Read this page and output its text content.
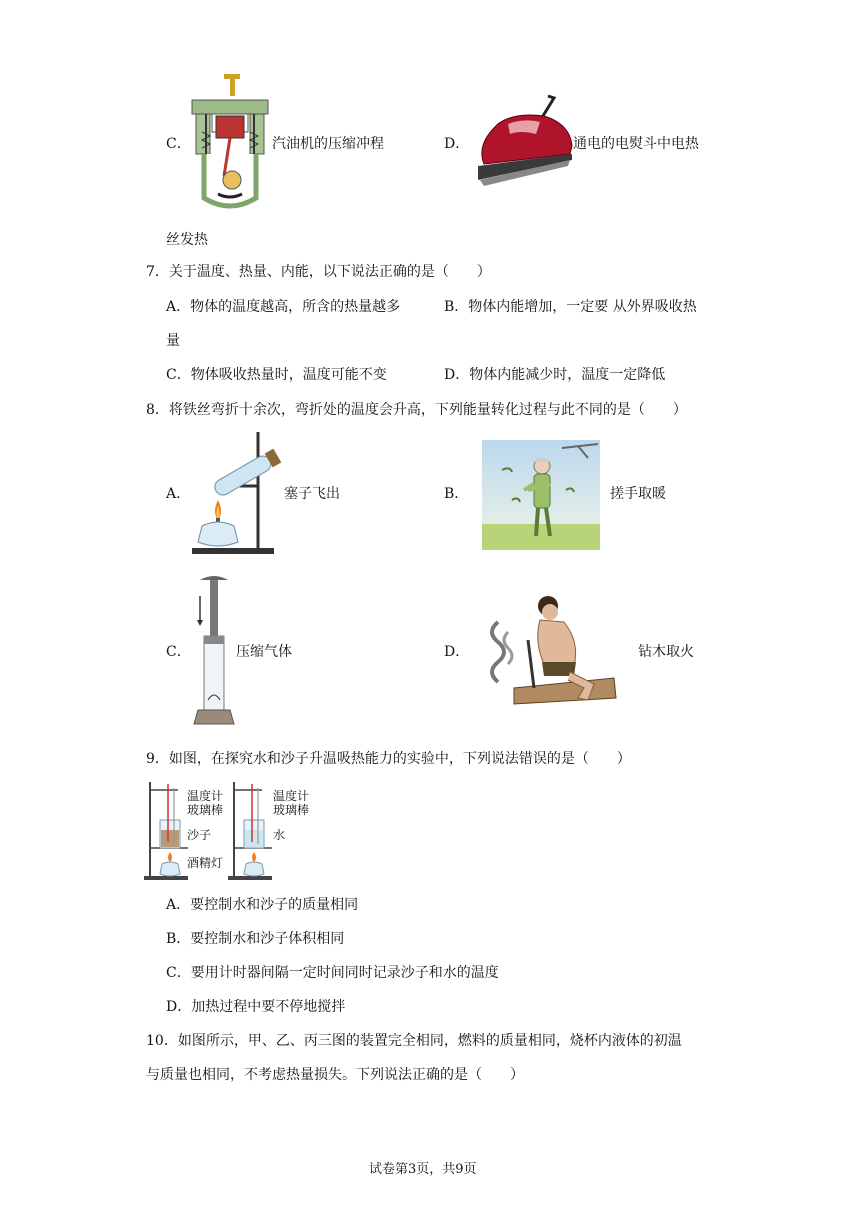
C．	汽油机的压缩冲程	D．	通电的电熨斗中电热
丝发热
7．关于温度、热量、内能，以下说法正确的是（　　）
A．物体的温度越高，所含的热量越多	B．物体内能增加，一定要 从外界吸收热
量
C．物体吸收热量时，温度可能不变	D．物体内能减少时，温度一定降低
8．将铁丝弯折十余次，弯折处的温度会升高，下列能量转化过程与此不同的是（　　）
A．	塞子飞出	B．	搓手取暖
C．	压缩气体	D．	钻木取火
9．如图，在探究水和沙子升温吸热能力的实验中，下列说法错误的是（　　）
温度计
玻璃棒
沙子
酒精灯
温度计
玻璃棒
水
A．要控制水和沙子的质量相同
B．要控制水和沙子体积相同
C．要用计时器间隔一定时间同时记录沙子和水的温度
D．加热过程中要不停地搅拌
10．如图所示，甲、乙、丙三图的装置完全相同，燃料的质量相同，烧杯内液体的初温
与质量也相同，不考虑热量损失。下列说法正确的是（　　）
试卷第3页，共9页
